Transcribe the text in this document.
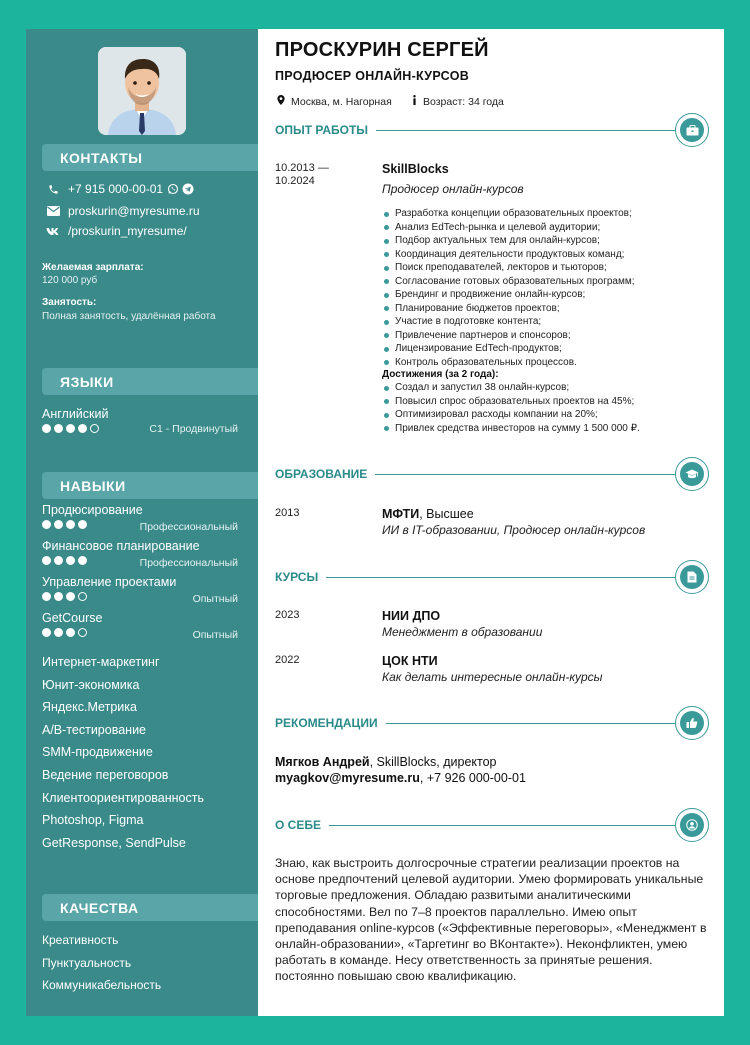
КОНТАКТЫ
+7 915 000-00-01
proskurin@myresume.ru
/proskurin_myresume/
Желаемая зарплата:
120 000 руб
Занятость:
Полная занятость, удалённая работа
ЯЗЫКИ
Английский
C1 - Продвинутый
НАВЫКИ
Продюсирование
Профессиональный
Финансовое планирование
Профессиональный
Управление проектами
Опытный
GetCourse
Опытный
Интернет-маркетинг
Юнит-экономика
Яндекс.Метрика
A/B-тестирование
SMM-продвижение
Ведение переговоров
Клиентоориентированность
Photoshop, Figma
GetResponse, SendPulse
КАЧЕСТВА
Креативность
Пунктуальность
Коммуникабельность
ПРОСКУРИН СЕРГЕЙ
ПРОДЮСЕР ОНЛАЙН-КУРСОВ
Москва, м. Нагорная	Возраст: 34 года
ОПЫТ РАБОТЫ
10.2013 —
10.2024
SkillBlocks
Продюсер онлайн-курсов
Разработка концепции образовательных проектов;
Анализ EdTech-рынка и целевой аудитории;
Подбор актуальных тем для онлайн-курсов;
Координация деятельности продуктовых команд;
Поиск преподавателей, лекторов и тьюторов;
Согласование готовых образовательных программ;
Брендинг и продвижение онлайн-курсов;
Планирование бюджетов проектов;
Участие в подготовке контента;
Привлечение партнеров и спонсоров;
Лицензирование EdTech-продуктов;
Контроль образовательных процессов.
Достижения (за 2 года):
Создал и запустил 38 онлайн-курсов;
Повысил спрос образовательных проектов на 45%;
Оптимизировал расходы компании на 20%;
Привлек средства инвесторов на сумму 1 500 000 ₽.
ОБРАЗОВАНИЕ
2013	МФТИ, Высшее
ИИ в IT-образовании, Продюсер онлайн-курсов
КУРСЫ
2023	НИИ ДПО
Менеджмент в образовании
2022	ЦОК НТИ
Как делать интересные онлайн-курсы
РЕКОМЕНДАЦИИ
Мягков Андрей, SkillBlocks, директор
myagkov@myresume.ru, +7 926 000-00-01
О СЕБЕ
Знаю, как выстроить долгосрочные стратегии реализации проектов на основе предпочтений целевой аудитории. Умею формировать уникальные торговые предложения. Обладаю развитыми аналитическими способностями. Вел по 7–8 проектов параллельно. Имею опыт преподавания online-курсов («Эффективные переговоры», «Менеджмент в онлайн-образовании», «Таргетинг во ВКонтакте»). Неконфликтен, умею работать в команде. Несу ответственность за принятые решения. постоянно повышаю свою квалификацию.
